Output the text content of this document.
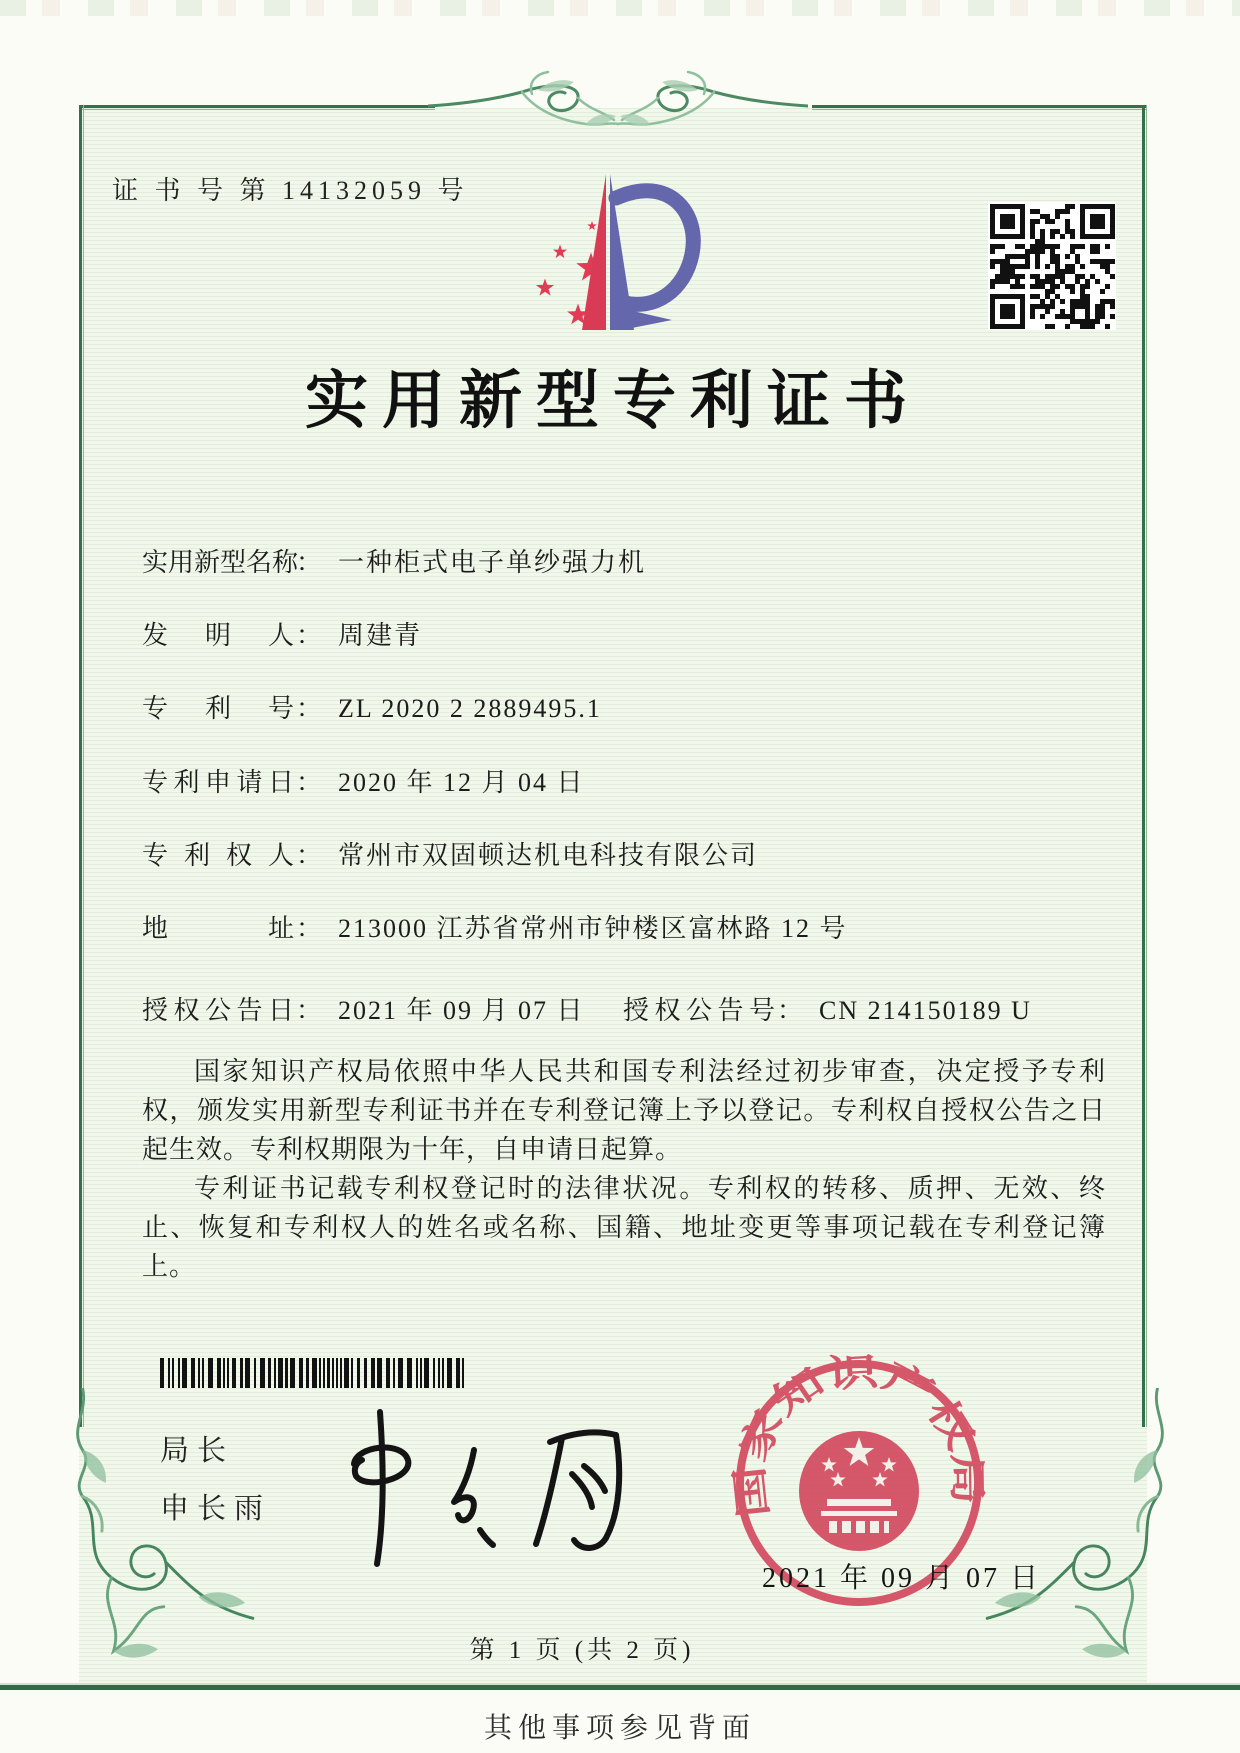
证 书 号 第 14132059 号
实用新型专利证书
实用新型名称： 一种柜式电子单纱强力机
发明人： 周建青
专利号： ZL 2020 2 2889495.1
专利申请日： 2020 年 12 月 04 日
专利权人： 常州市双固顿达机电科技有限公司
地址： 213000 江苏省常州市钟楼区富林路 12 号
授权公告日： 2021 年 09 月 07 日 授权公告号： CN 214150189 U

国家知识产权局依照中华人民共和国专利法经过初步审查，决定授予专利权，颁发实用新型专利证书并在专利登记簿上予以登记。专利权自授权公告之日起生效。专利权期限为十年，自申请日起算。

专利证书记载专利权登记时的法律状况。专利权的转移、质押、无效、终止、恢复和专利权人的姓名或名称、国籍、地址变更等事项记载在专利登记簿上。

局长
申长雨	国家知识产权局
2021 年 09 月 07 日
第 1 页 (共 2 页)
其他事项参见背面
